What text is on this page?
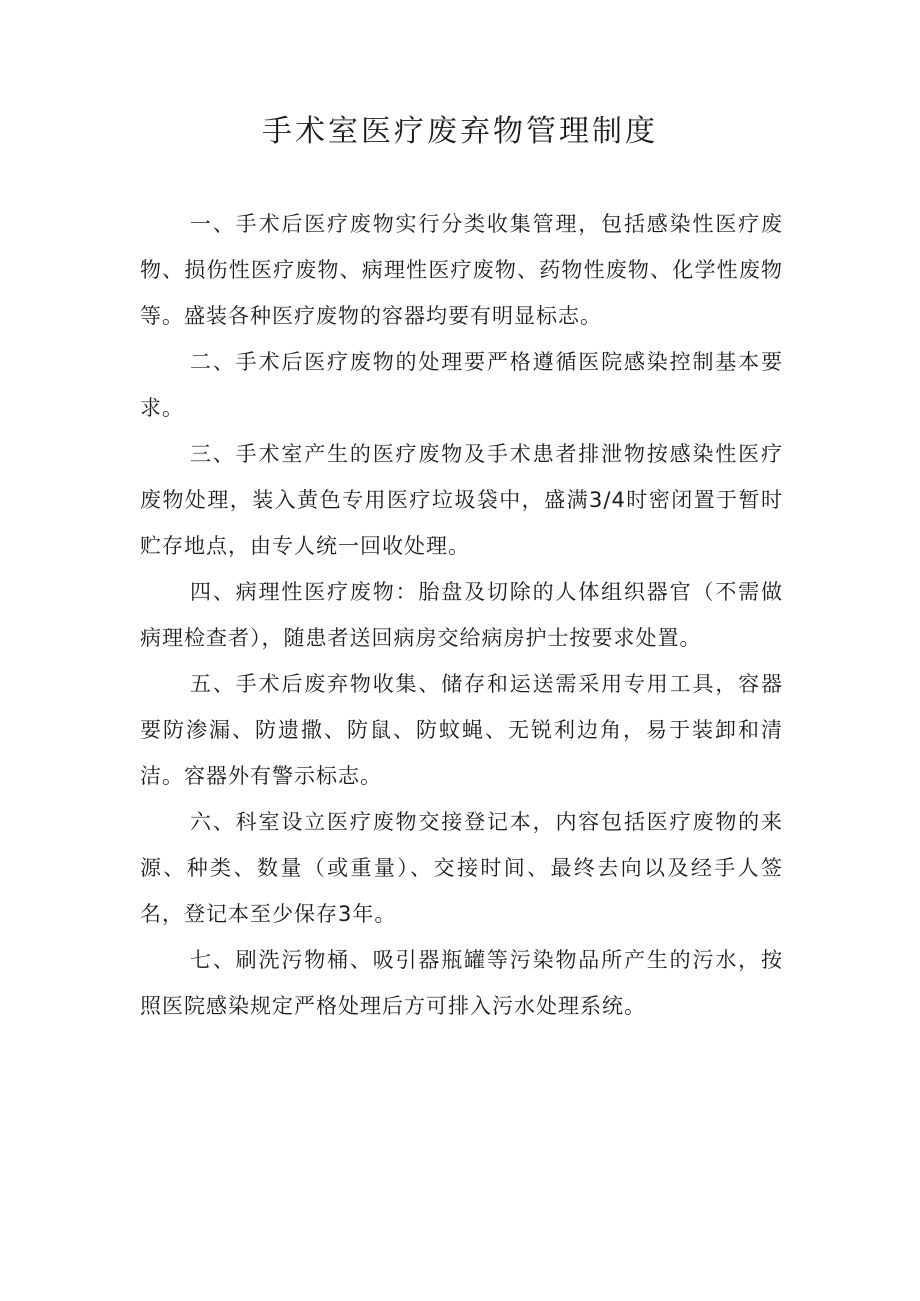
手术室医疗废弃物管理制度

一、手术后医疗废物实行分类收集管理，包括感染性医疗废物、损伤性医疗废物、病理性医疗废物、药物性废物、化学性废物等。盛装各种医疗废物的容器均要有明显标志。

二、手术后医疗废物的处理要严格遵循医院感染控制基本要求。

三、手术室产生的医疗废物及手术患者排泄物按感染性医疗废物处理，装入黄色专用医疗垃圾袋中，盛满3/4时密闭置于暂时贮存地点，由专人统一回收处理。

四、病理性医疗废物：胎盘及切除的人体组织器官（不需做病理检查者），随患者送回病房交给病房护士按要求处置。

五、手术后废弃物收集、储存和运送需采用专用工具，容器要防渗漏、防遗撒、防鼠、防蚊蝇、无锐利边角，易于装卸和清洁。容器外有警示标志。

六、科室设立医疗废物交接登记本，内容包括医疗废物的来源、种类、数量（或重量）、交接时间、最终去向以及经手人签名，登记本至少保存3年。

七、刷洗污物桶、吸引器瓶罐等污染物品所产生的污水，按照医院感染规定严格处理后方可排入污水处理系统。
